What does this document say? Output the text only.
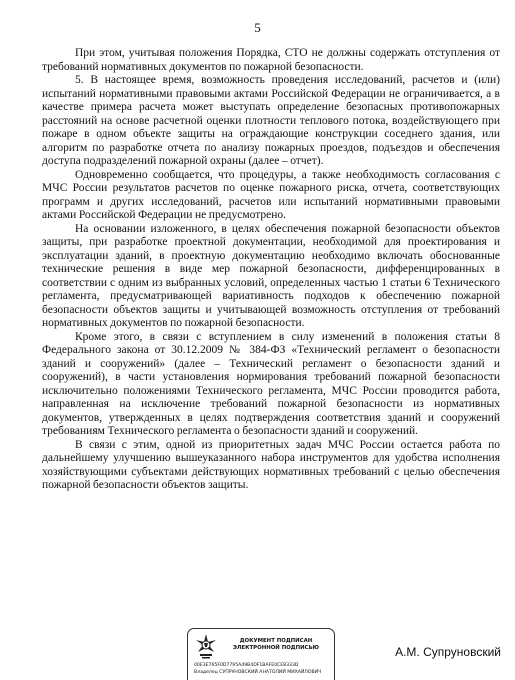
5

При этом, учитывая положения Порядка, СТО не должны содержать отступления от требований нормативных документов по пожарной безопасности.

5. В настоящее время, возможность проведения исследований, расчетов и (или) испытаний нормативными правовыми актами Российской Федерации не ограничивается, а в качестве примера расчета может выступать определение безопасных противопожарных расстояний на основе расчетной оценки плотности теплового потока, воздействующего при пожаре в одном объекте защиты на ограждающие конструкции соседнего здания, или алгоритм по разработке отчета по анализу пожарных проездов, подъездов и обеспечения доступа подразделений пожарной охраны (далее – отчет).

Одновременно сообщается, что процедуры, а также необходимость согласования с МЧС России результатов расчетов по оценке пожарного риска, отчета, соответствующих программ и других исследований, расчетов или испытаний нормативными правовыми актами Российской Федерации не предусмотрено.

На основании изложенного, в целях обеспечения пожарной безопасности объектов защиты, при разработке проектной документации, необходимой для проектирования и эксплуатации зданий, в проектную документацию необходимо включать обоснованные технические решения в виде мер пожарной безопасности, дифференцированных в соответствии с одним из выбранных условий, определенных частью 1 статьи 6 Технического регламента, предусматривающей вариативность подходов к обеспечению пожарной безопасности объектов защиты и учитывающей возможность отступления от требований нормативных документов по пожарной безопасности.

Кроме этого, в связи с вступлением в силу изменений в положения статьи 8 Федерального закона от 30.12.2009 № 384-ФЗ «Технический регламент о безопасности зданий и сооружений» (далее – Технический регламент о безопасности зданий и сооружений), в части установления нормирования требований пожарной безопасности исключительно положениями Технического регламента, МЧС России проводится работа, направленная на исключение требований пожарной безопасности из нормативных документов, утвержденных в целях подтверждения соответствия зданий и сооружений требованиям Технического регламента о безопасности зданий и сооружений.

В связи с этим, одной из приоритетных задач МЧС России остается работа по дальнейшему улучшению вышеуказанного набора инструментов для удобства исполнения хозяйствующими субъектами действующих нормативных требований с целью обеспечения пожарной безопасности объектов защиты.

ДОКУМЕНТ ПОДПИСАН
ЭЛЕКТРОННОЙ ПОДПИСЬЮ
00E3E765F0D7795A49B4DF1BAFE0CE8333D
Владелец СУПРУНОВСКИЙ АНАТОЛИЙ МИХАЙЛОВИЧ
А.М. Супруновский
